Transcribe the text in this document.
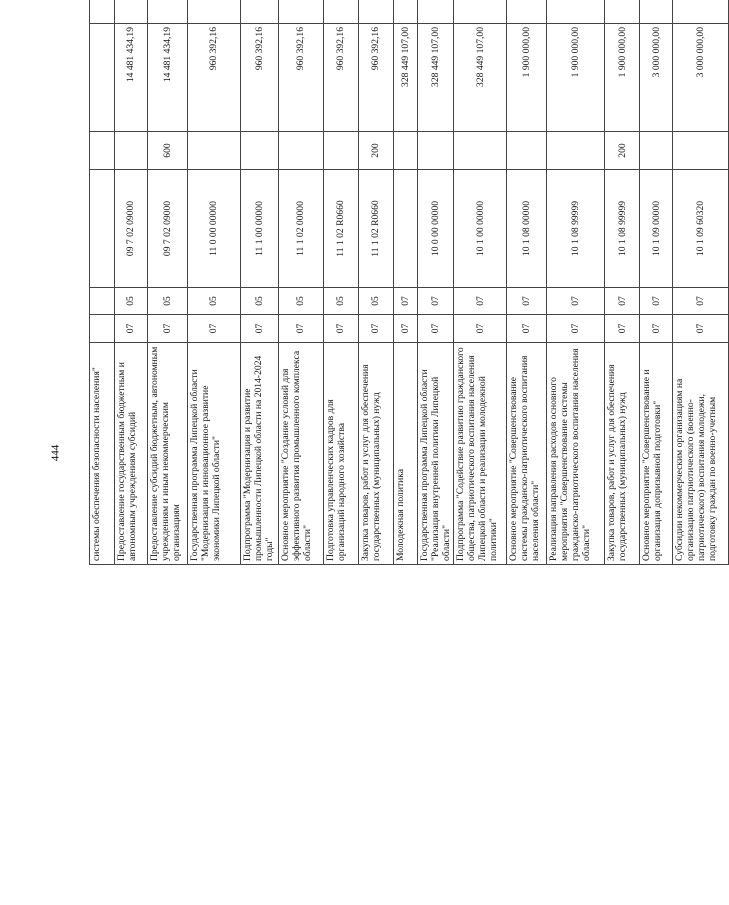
444	системы обеспечения безопасности населения"								
Предоставление государственным бюджетным и автономным учреждениям субсидий	07	05	09 7 02 09000		14 481 434,19			
Предоставление субсидий бюджетным, автономным учреждениям и иным некоммерческим организациям	07	05	09 7 02 09000	600	14 481 434,19			
Государственная программа Липецкой области "Модернизация и инновационное развитие экономики Липецкой области"	07	05	11 0 00 00000		960 392,16			
Подпрограмма "Модернизация и развитие промышленности Липецкой области на 2014-2024 годы"	07	05	11 1 00 00000		960 392,16			
Основное мероприятие "Создание условий для эффективного развития промышленного комплекса области"	07	05	11 1 02 00000		960 392,16			
Подготовка управленческих кадров для организаций народного хозяйства	07	05	11 1 02 R0660		960 392,16			
Закупка товаров, работ и услуг для обеспечения государственных (муниципальных) нужд	07	05	11 1 02 R0660	200	960 392,16			
Молодежная политика	07	07			328 449 107,00			
Государственная программа Липецкой области "Реализация внутренней политики Липецкой области"	07	07	10 0 00 00000		328 449 107,00			
Подпрограмма "Содействие развитию гражданского общества, патриотического воспитания населения Липецкой области и реализации молодежной политики"	07	07	10 1 00 00000		328 449 107,00			
Основное мероприятие "Совершенствование системы гражданско-патриотического воспитания населения области"	07	07	10 1 08 00000		1 900 000,00			
Реализация направления расходов основного мероприятия "Совершенствование системы гражданско-патриотического воспитания населения области"	07	07	10 1 08 99999		1 900 000,00			
Закупка товаров, работ и услуг для обеспечения государственных (муниципальных) нужд	07	07	10 1 08 99999	200	1 900 000,00			
Основное мероприятие "Совершенствование и организация допризывной подготовки"	07	07	10 1 09 00000		3 000 000,00			
Субсидии некоммерческим организациям на организацию патриотического (военно-патриотического) воспитания молодежи, подготовку граждан по военно-учетным	07	07	10 1 09 60320		3 000 000,00			
